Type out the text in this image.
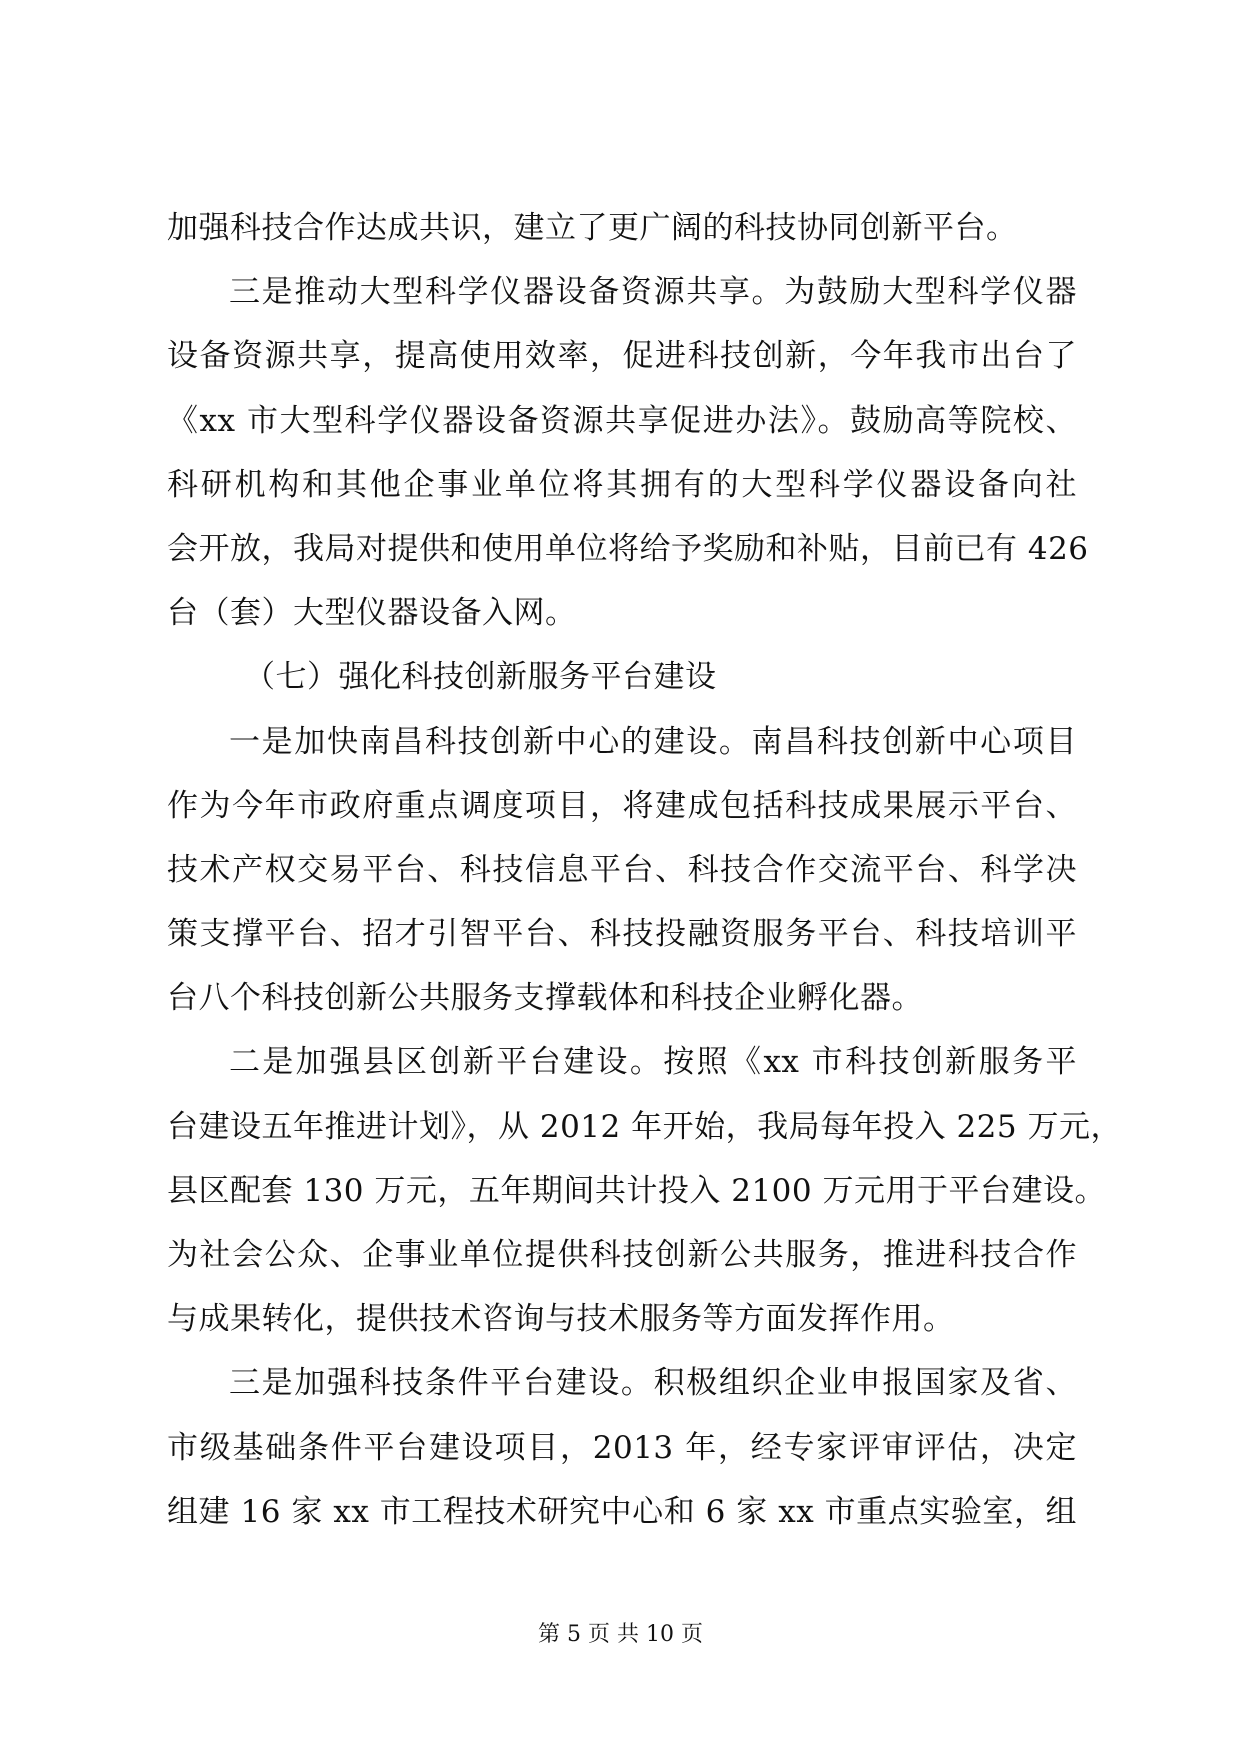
加强科技合作达成共识，建立了更广阔的科技协同创新平台。
三是推动大型科学仪器设备资源共享。为鼓励大型科学仪器
设备资源共享，提高使用效率，促进科技创新，今年我市出台了
《xx 市大型科学仪器设备资源共享促进办法》。鼓励高等院校、
科研机构和其他企事业单位将其拥有的大型科学仪器设备向社
会开放，我局对提供和使用单位将给予奖励和补贴，目前已有 426
台（套）大型仪器设备入网。
（七）强化科技创新服务平台建设
一是加快南昌科技创新中心的建设。南昌科技创新中心项目
作为今年市政府重点调度项目，将建成包括科技成果展示平台、
技术产权交易平台、科技信息平台、科技合作交流平台、科学决
策支撑平台、招才引智平台、科技投融资服务平台、科技培训平
台八个科技创新公共服务支撑载体和科技企业孵化器。
二是加强县区创新平台建设。按照《xx 市科技创新服务平
台建设五年推进计划》，从 2012 年开始，我局每年投入 225 万元，
县区配套 130 万元，五年期间共计投入 2100 万元用于平台建设。
为社会公众、企事业单位提供科技创新公共服务，推进科技合作
与成果转化，提供技术咨询与技术服务等方面发挥作用。
三是加强科技条件平台建设。积极组织企业申报国家及省、
市级基础条件平台建设项目，2013 年，经专家评审评估，决定
组建 16 家 xx 市工程技术研究中心和 6 家 xx 市重点实验室，组
第 5 页 共 10 页
